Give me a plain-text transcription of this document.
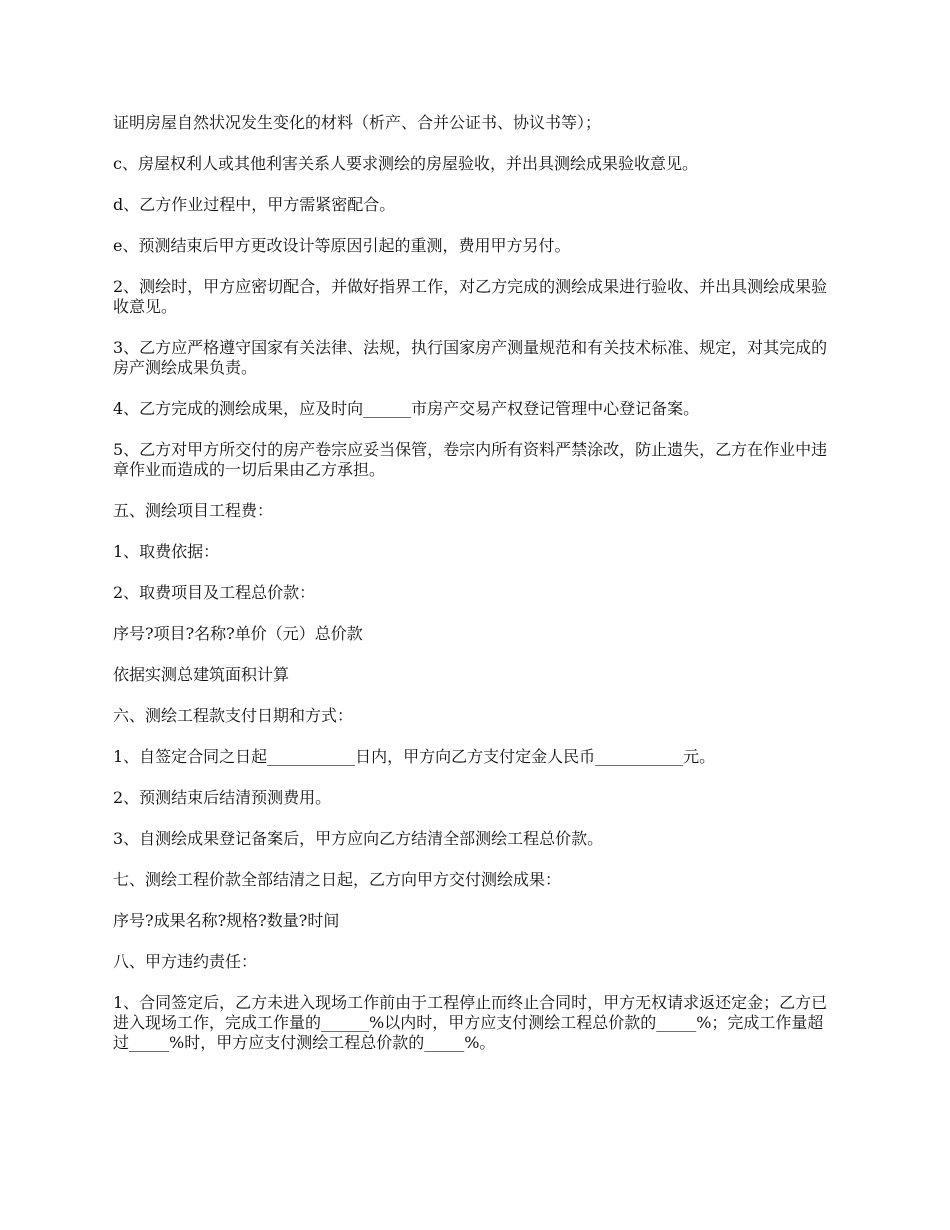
证明房屋自然状况发生变化的材料（析产、合并公证书、协议书等）；

c、房屋权利人或其他利害关系人要求测绘的房屋验收，并出具测绘成果验收意见。

d、乙方作业过程中，甲方需紧密配合。

e、预测结束后甲方更改设计等原因引起的重测，费用甲方另付。

2、测绘时，甲方应密切配合，并做好指界工作，对乙方完成的测绘成果进行验收、并出具测绘成果验收意见。

3、乙方应严格遵守国家有关法律、法规，执行国家房产测量规范和有关技术标准、规定，对其完成的房产测绘成果负责。

4、乙方完成的测绘成果，应及时向______市房产交易产权登记管理中心登记备案。

5、乙方对甲方所交付的房产卷宗应妥当保管，卷宗内所有资料严禁涂改，防止遗失，乙方在作业中违章作业而造成的一切后果由乙方承担。

五、测绘项目工程费：

1、取费依据：

2、取费项目及工程总价款：

序号?项目?名称?单价（元）总价款

依据实测总建筑面积计算

六、测绘工程款支付日期和方式：

1、自签定合同之日起___________日内，甲方向乙方支付定金人民币___________元。

2、预测结束后结清预测费用。

3、自测绘成果登记备案后，甲方应向乙方结清全部测绘工程总价款。

七、测绘工程价款全部结清之日起，乙方向甲方交付测绘成果：

序号?成果名称?规格?数量?时间

八、甲方违约责任：

1、合同签定后，乙方未进入现场工作前由于工程停止而终止合同时，甲方无权请求返还定金；乙方已进入现场工作，完成工作量的______%以内时，甲方应支付测绘工程总价款的_____%；完成工作量超过_____%时，甲方应支付测绘工程总价款的_____%。
